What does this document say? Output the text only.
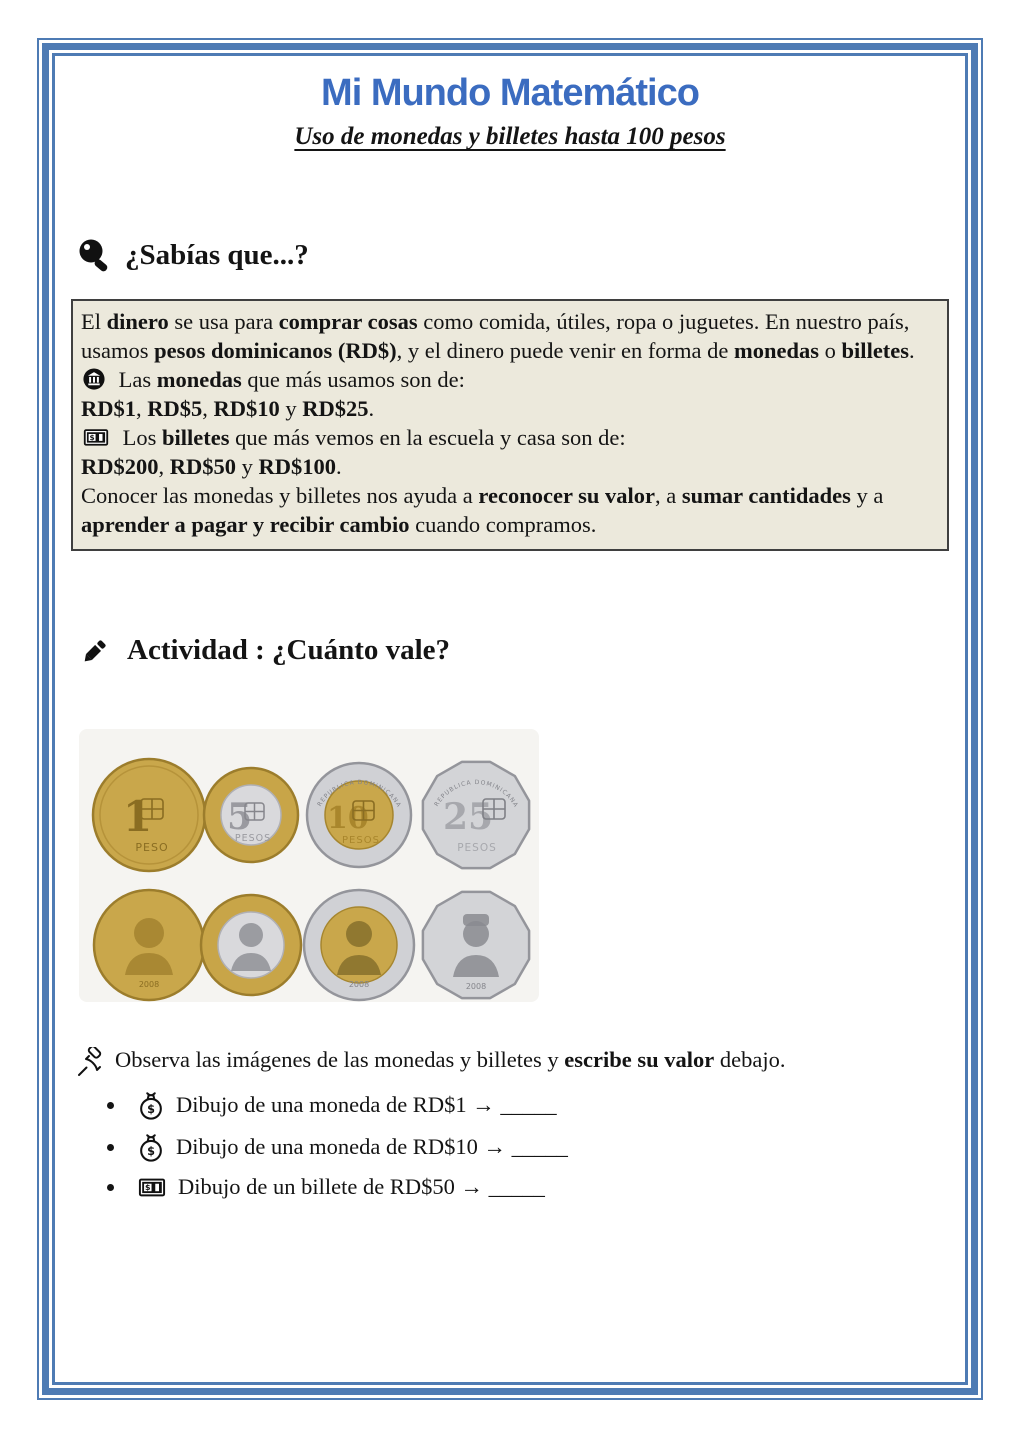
Mi Mundo Matemático
Uso de monedas y billetes hasta 100 pesos
¿Sabías que...?

El dinero se usa para comprar cosas como comida, útiles, ropa o juguetes. En nuestro país, usamos pesos dominicanos (RD$), y el dinero puede venir en forma de monedas o billetes.

Las monedas que más usamos son de:

RD$1, RD$5, RD$10 y RD$25.

$ Los billetes que más vemos en la escuela y casa son de:

RD$200, RD$50 y RD$100.

Conocer las monedas y billetes nos ayuda a reconocer su valor, a sumar cantidades y a aprender a pagar y recibir cambio cuando compramos.

Actividad : ¿Cuánto vale?
1
PESO
5
PESOS
10
PESOS
REPUBLICA DOMINICANA 25
PESOS
REPUBLICA DOMINICANA
2008	2008	2008
Observa las imágenes de las monedas y billetes y escribe su valor debajo.
$ Dibujo de una moneda de RD$1 → _____
$ Dibujo de una moneda de RD$10 → _____
$ Dibujo de un billete de RD$50 → _____
